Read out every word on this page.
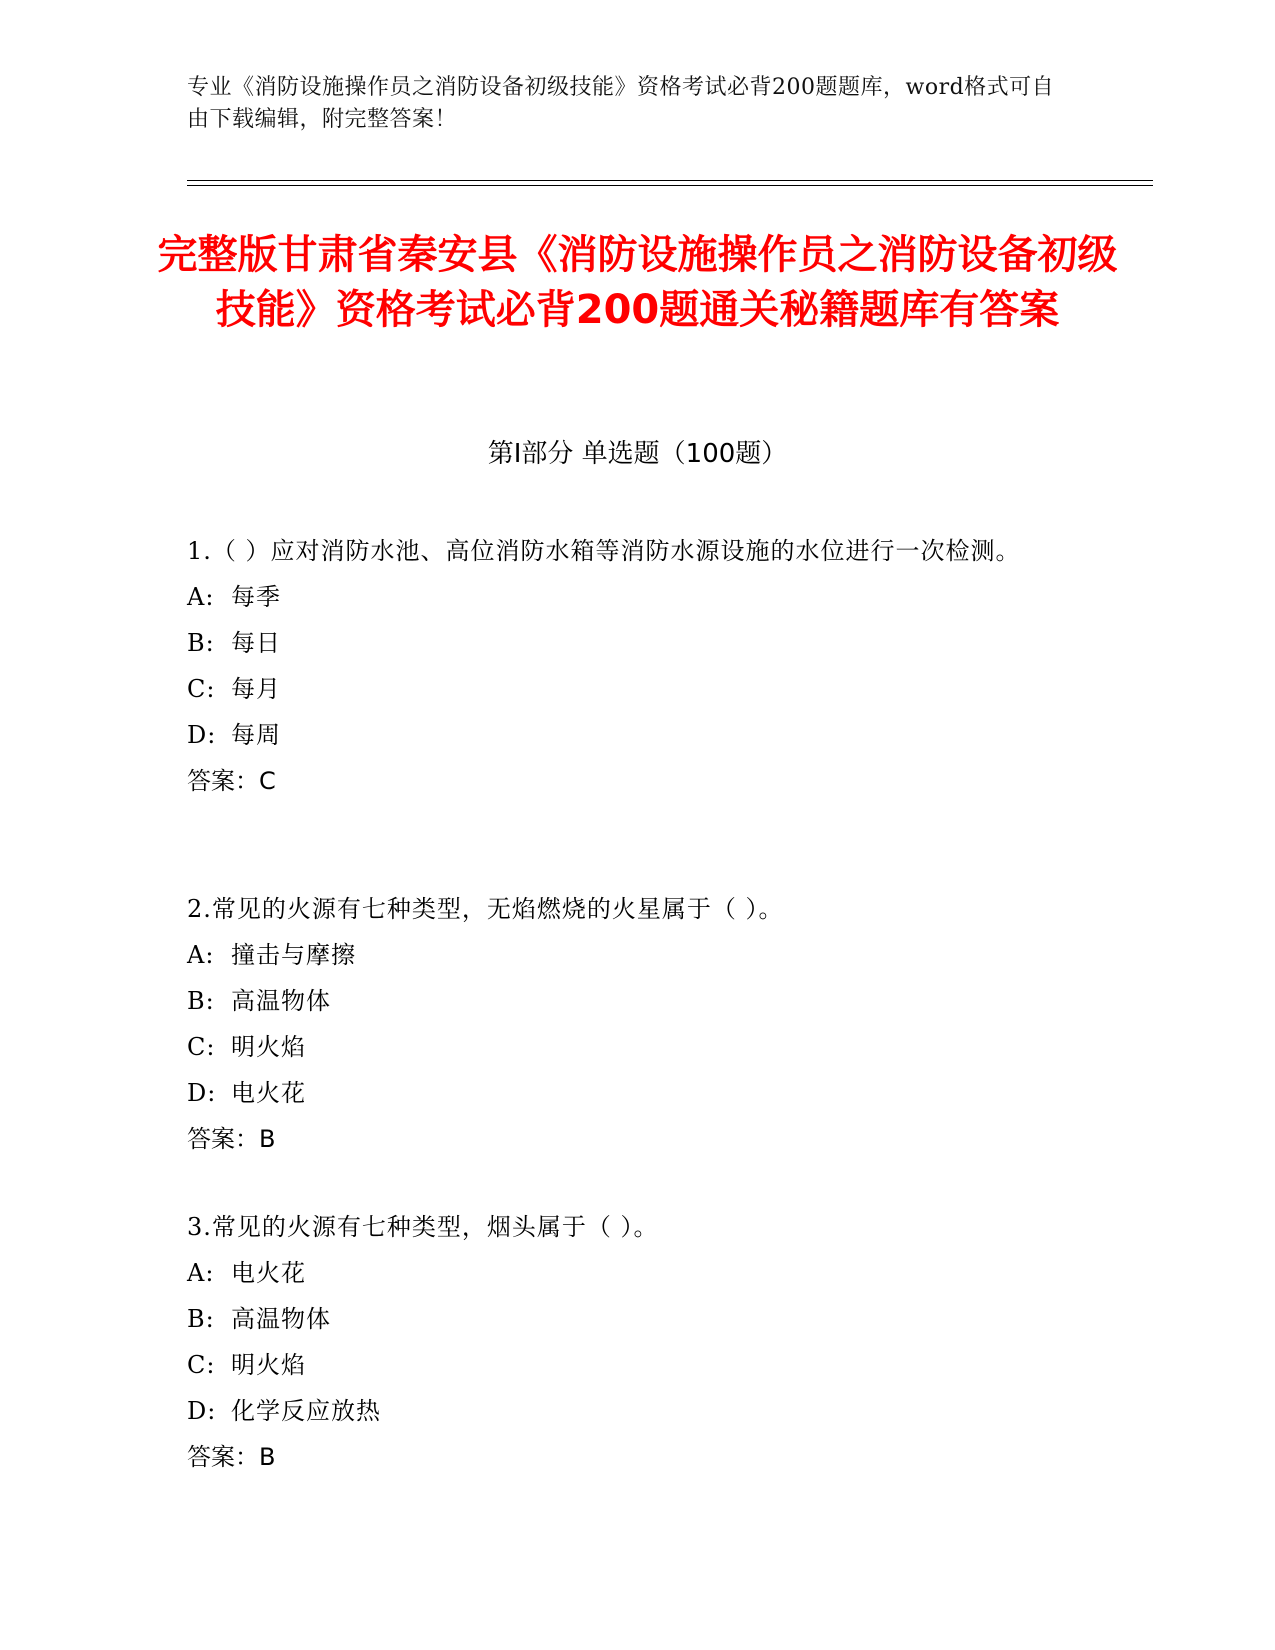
专业《消防设施操作员之消防设备初级技能》资格考试必背200题题库，word格式可自由下载编辑，附完整答案！
完整版甘肃省秦安县《消防设施操作员之消防设备初级技能》资格考试必背200题通关秘籍题库有答案
第Ⅰ部分 单选题（100题）
1.（ ）应对消防水池、高位消防水箱等消防水源设施的水位进行一次检测。
A: 每季
B: 每日
C: 每月
D: 每周
答案：C
2.常见的火源有七种类型，无焰燃烧的火星属于（ ）。
A: 撞击与摩擦
B: 高温物体
C: 明火焰
D: 电火花
答案：B
3.常见的火源有七种类型，烟头属于（ ）。
A: 电火花
B: 高温物体
C: 明火焰
D: 化学反应放热
答案：B
